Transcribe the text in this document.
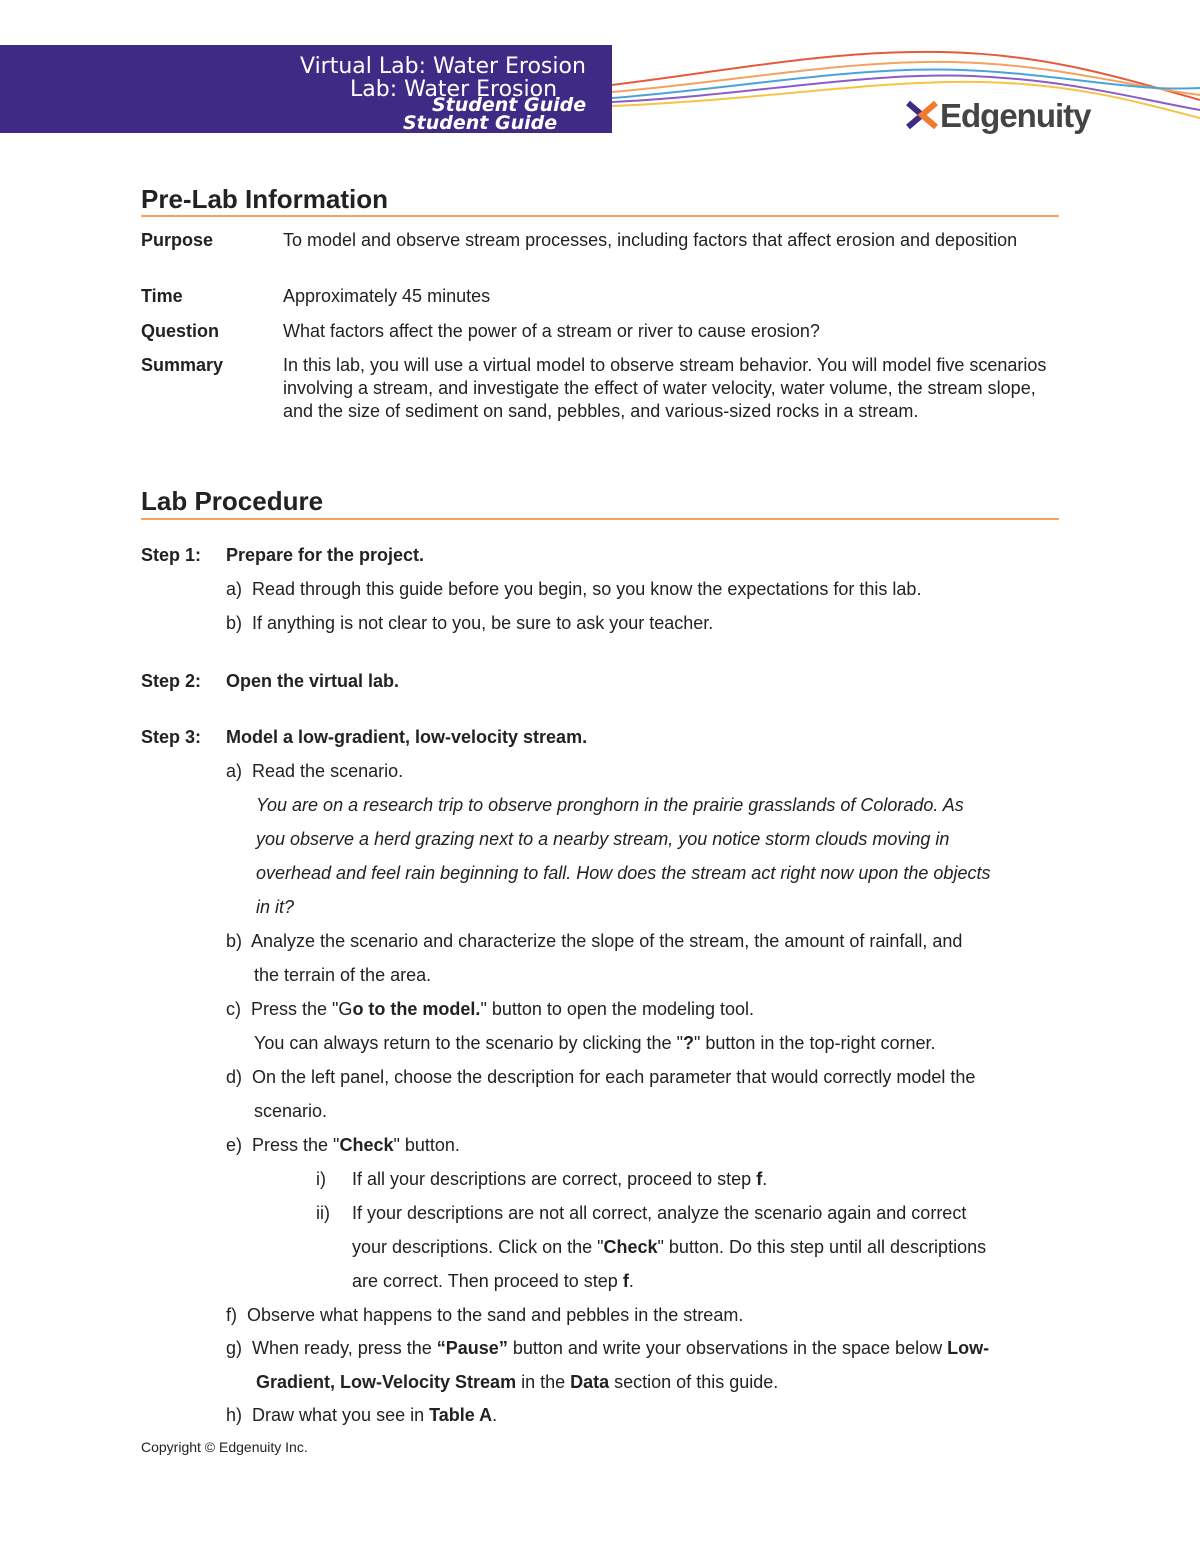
Virtual Lab: Water Erosion
Lab: Water Erosion
Student Guide
Student Guide	Edgenuity
Pre-Lab Information
Purpose	To model and observe stream processes, including factors that affect erosion and deposition
Time	Approximately 45 minutes
Question	What factors affect the power of a stream or river to cause erosion?
Summary	In this lab, you will use a virtual model to observe stream behavior. You will model five scenarios involving a stream, and investigate the effect of water velocity, water volume, the stream slope, and the size of sediment on sand, pebbles, and various-sized rocks in a stream.
Lab Procedure
Step 1: Prepare for the project.
a)  Read through this guide before you begin, so you know the expectations for this lab.
b)  If anything is not clear to you, be sure to ask your teacher.
Step 2: Open the virtual lab.
Step 3: Model a low-gradient, low-velocity stream.
a)  Read the scenario.
You are on a research trip to observe pronghorn in the prairie grasslands of Colorado. As
you observe a herd grazing next to a nearby stream, you notice storm clouds moving in
overhead and feel rain beginning to fall. How does the stream act right now upon the objects
in it?
b)  Analyze the scenario and characterize the slope of the stream, the amount of rainfall, and
the terrain of the area.
c)  Press the "Go to the model." button to open the modeling tool.
You can always return to the scenario by clicking the "?" button in the top-right corner.
d)  On the left panel, choose the description for each parameter that would correctly model the
scenario.
e)  Press the "Check" button.
i) If all your descriptions are correct, proceed to step f.
ii) If your descriptions are not all correct, analyze the scenario again and correct
your descriptions. Click on the "Check" button. Do this step until all descriptions
are correct. Then proceed to step f.
f)  Observe what happens to the sand and pebbles in the stream.
g)  When ready, press the “Pause” button and write your observations in the space below Low-
Gradient, Low-Velocity Stream in the Data section of this guide.
h)  Draw what you see in Table A.
Copyright © Edgenuity Inc.
